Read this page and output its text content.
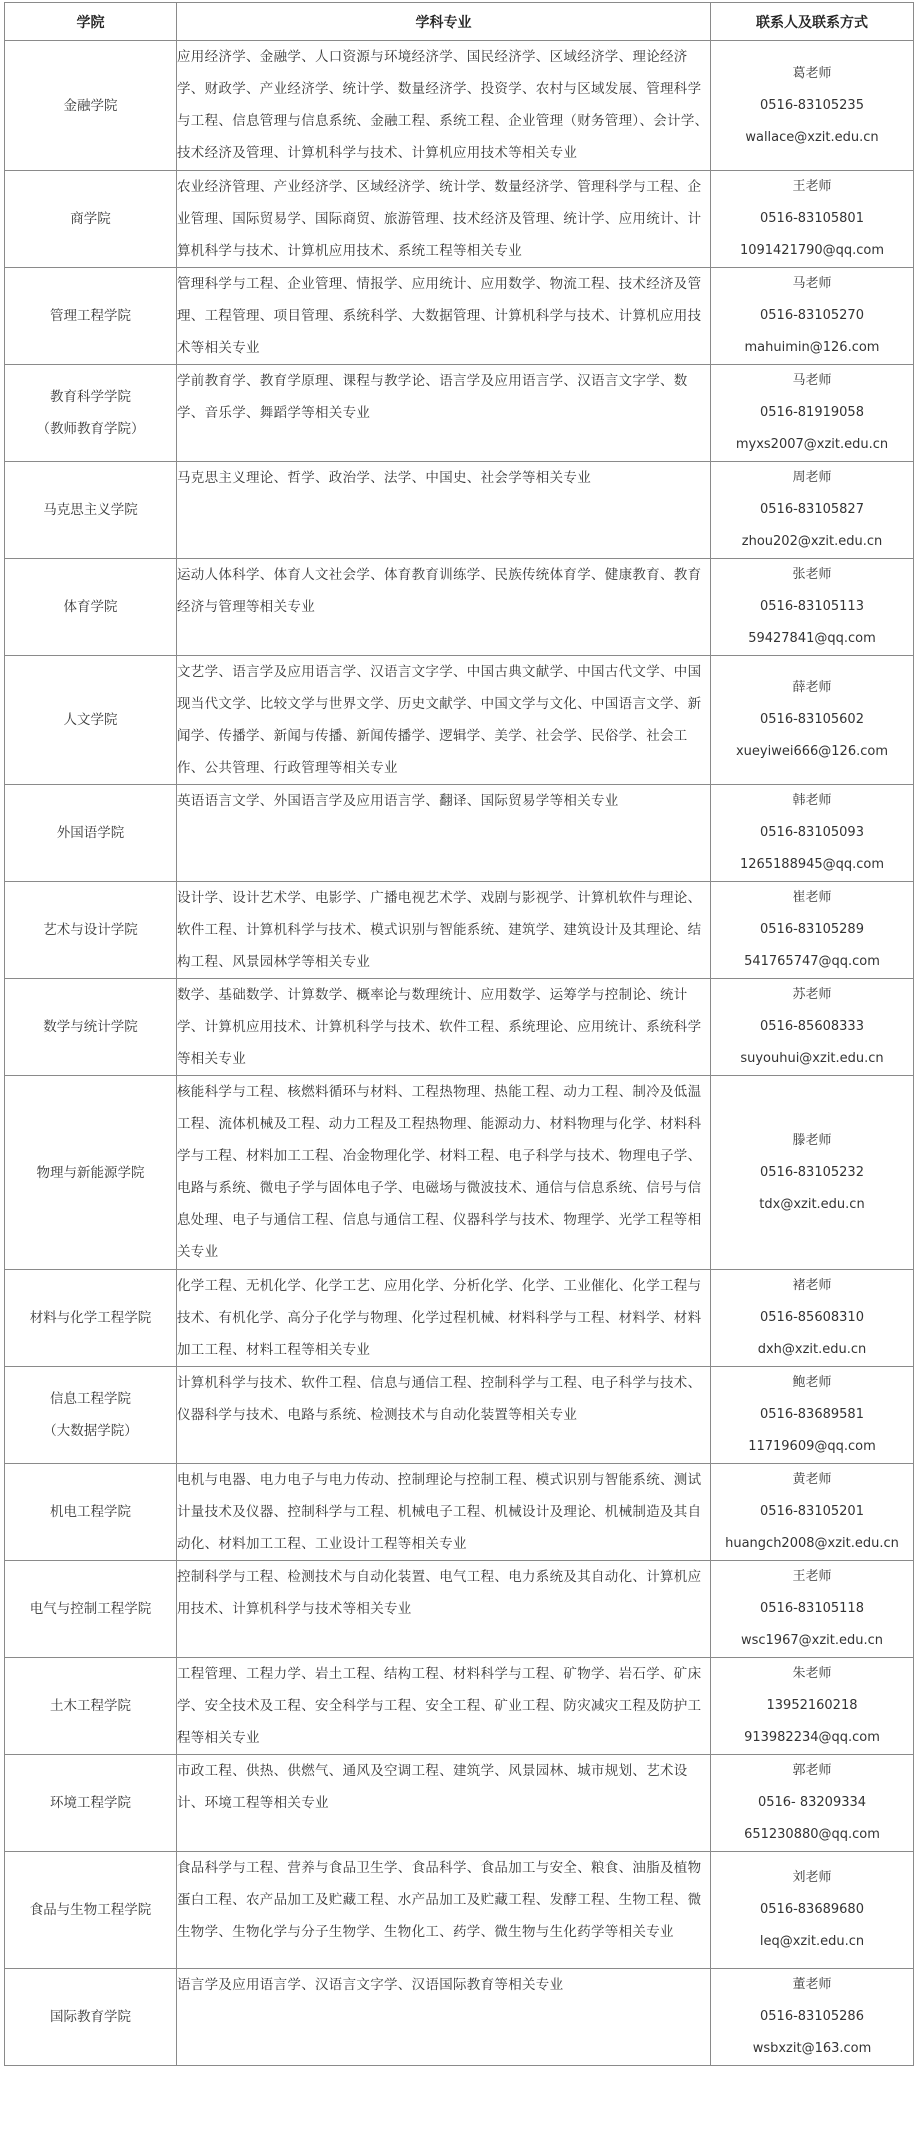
学院	学科专业	联系人及联系方式

金融学院	应用经济学、金融学、人口资源与环境经济学、国民经济学、区域经济学、理论经济学、财政学、产业经济学、统计学、数量经济学、投资学、农村与区域发展、管理科学与工程、信息管理与信息系统、金融工程、系统工程、企业管理（财务管理）、会计学、技术经济及管理、计算机科学与技术、计算机应用技术等相关专业	葛老师
0516-83105235
wallace@xzit.edu.cn

商学院	农业经济管理、产业经济学、区域经济学、统计学、数量经济学、管理科学与工程、企业管理、国际贸易学、国际商贸、旅游管理、技术经济及管理、统计学、应用统计、计算机科学与技术、计算机应用技术、系统工程等相关专业	王老师
0516-83105801
1091421790@qq.com

管理工程学院	管理科学与工程、企业管理、情报学、应用统计、应用数学、物流工程、技术经济及管理、工程管理、项目管理、系统科学、大数据管理、计算机科学与技术、计算机应用技术等相关专业	马老师
0516-83105270
mahuimin@126.com

教育科学学院
（教师教育学院）	学前教育学、教育学原理、课程与教学论、语言学及应用语言学、汉语言文字学、数学、音乐学、舞蹈学等相关专业	马老师
0516-81919058
myxs2007@xzit.edu.cn

马克思主义学院	马克思主义理论、哲学、政治学、法学、中国史、社会学等相关专业	周老师
0516-83105827
zhou202@xzit.edu.cn

体育学院	运动人体科学、体育人文社会学、体育教育训练学、民族传统体育学、健康教育、教育经济与管理等相关专业	张老师
0516-83105113
59427841@qq.com

人文学院	文艺学、语言学及应用语言学、汉语言文字学、中国古典文献学、中国古代文学、中国现当代文学、比较文学与世界文学、历史文献学、中国文学与文化、中国语言文学、新闻学、传播学、新闻与传播、新闻传播学、逻辑学、美学、社会学、民俗学、社会工作、公共管理、行政管理等相关专业	薛老师
0516-83105602
xueyiwei666@126.com

外国语学院	英语语言文学、外国语言学及应用语言学、翻译、国际贸易学等相关专业	韩老师
0516-83105093
1265188945@qq.com

艺术与设计学院	设计学、设计艺术学、电影学、广播电视艺术学、戏剧与影视学、计算机软件与理论、软件工程、计算机科学与技术、模式识别与智能系统、建筑学、建筑设计及其理论、结构工程、风景园林学等相关专业	崔老师
0516-83105289
541765747@qq.com

数学与统计学院	数学、基础数学、计算数学、概率论与数理统计、应用数学、运筹学与控制论、统计学、计算机应用技术、计算机科学与技术、软件工程、系统理论、应用统计、系统科学等相关专业	苏老师
0516-85608333
suyouhui@xzit.edu.cn

物理与新能源学院	核能科学与工程、核燃料循环与材料、工程热物理、热能工程、动力工程、制冷及低温工程、流体机械及工程、动力工程及工程热物理、能源动力、材料物理与化学、材料科学与工程、材料加工工程、冶金物理化学、材料工程、电子科学与技术、物理电子学、电路与系统、微电子学与固体电子学、电磁场与微波技术、通信与信息系统、信号与信息处理、电子与通信工程、信息与通信工程、仪器科学与技术、物理学、光学工程等相关专业	滕老师
0516-83105232
tdx@xzit.edu.cn

材料与化学工程学院	化学工程、无机化学、化学工艺、应用化学、分析化学、化学、工业催化、化学工程与技术、有机化学、高分子化学与物理、化学过程机械、材料科学与工程、材料学、材料加工工程、材料工程等相关专业	褚老师
0516-85608310
dxh@xzit.edu.cn

信息工程学院
（大数据学院）	计算机科学与技术、软件工程、信息与通信工程、控制科学与工程、电子科学与技术、仪器科学与技术、电路与系统、检测技术与自动化装置等相关专业	鲍老师
0516-83689581
11719609@qq.com

机电工程学院	电机与电器、电力电子与电力传动、控制理论与控制工程、模式识别与智能系统、测试计量技术及仪器、控制科学与工程、机械电子工程、机械设计及理论、机械制造及其自动化、材料加工工程、工业设计工程等相关专业	黄老师
0516-83105201
huangch2008@xzit.edu.cn

电气与控制工程学院	控制科学与工程、检测技术与自动化装置、电气工程、电力系统及其自动化、计算机应用技术、计算机科学与技术等相关专业	王老师
0516-83105118
wsc1967@xzit.edu.cn

土木工程学院	工程管理、工程力学、岩土工程、结构工程、材料科学与工程、矿物学、岩石学、矿床学、安全技术及工程、安全科学与工程、安全工程、矿业工程、防灾减灾工程及防护工程等相关专业	朱老师
13952160218
913982234@qq.com

环境工程学院	市政工程、供热、供燃气、通风及空调工程、建筑学、风景园林、城市规划、艺术设计、环境工程等相关专业	郭老师
0516- 83209334
651230880@qq.com

食品与生物工程学院	食品科学与工程、营养与食品卫生学、食品科学、食品加工与安全、粮食、油脂及植物蛋白工程、农产品加工及贮藏工程、水产品加工及贮藏工程、发酵工程、生物工程、微生物学、生物化学与分子生物学、生物化工、药学、微生物与生化药学等相关专业	刘老师
0516-83689680
leq@xzit.edu.cn

国际教育学院	语言学及应用语言学、汉语言文字学、汉语国际教育等相关专业	董老师
0516-83105286
wsbxzit@163.com
